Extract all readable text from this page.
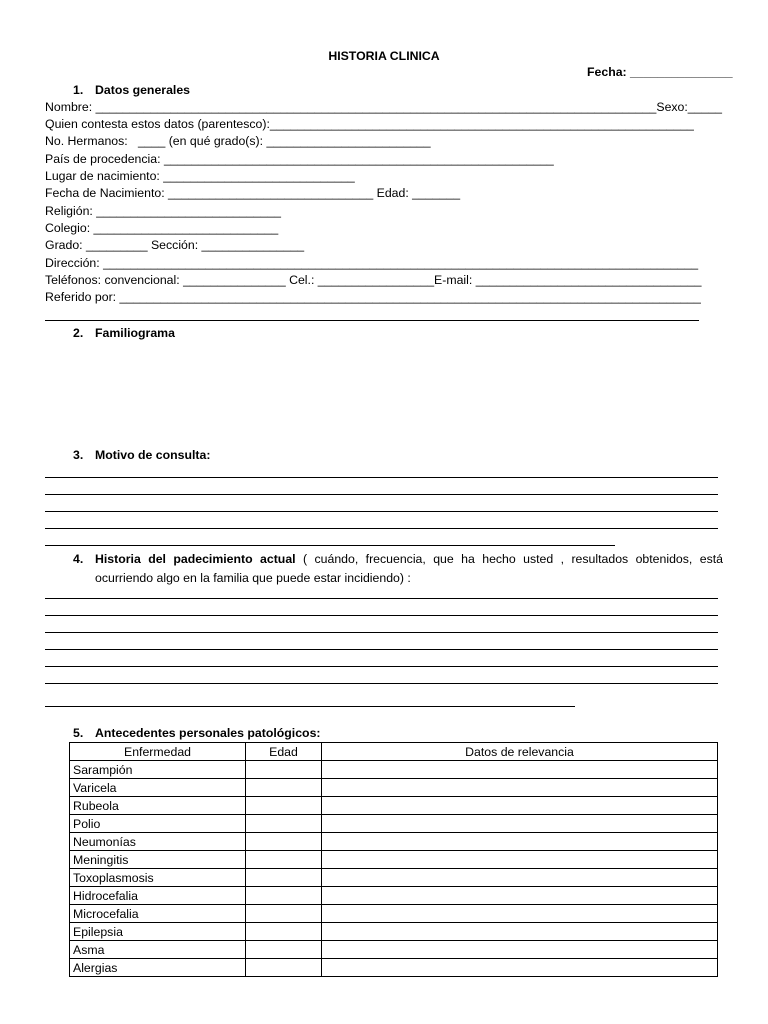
HISTORIA CLINICA
Fecha: _______________
1. Datos generales
Nombre: __________________________________________________________________________________Sexo:_____
Quien contesta estos datos (parentesco):______________________________________________________________
No. Hermanos:   ____ (en qué grado(s): ________________________
País de procedencia: _________________________________________________________
Lugar de nacimiento: ____________________________
Fecha de Nacimiento: ______________________________ Edad: _______
Religión: ___________________________
Colegio: ___________________________
Grado: _________ Sección: _______________
Dirección: _______________________________________________________________________________________
Teléfonos: convencional: _______________ Cel.: _________________E-mail: _________________________________
Referido por: _____________________________________________________________________________________
2. Familiograma
3. Motivo de consulta:
4. Historia del padecimiento actual ( cuándo, frecuencia, que ha hecho usted , resultados obtenidos, está ocurriendo algo en la familia que puede estar incidiendo) :
5. Antecedentes personales patológicos:
Enfermedad	Edad	Datos de relevancia
Sarampión		
Varicela		
Rubeola		
Polio		
Neumonías		
Meningitis		
Toxoplasmosis		
Hidrocefalia		
Microcefalia		
Epilepsia		
Asma		
Alergias		
